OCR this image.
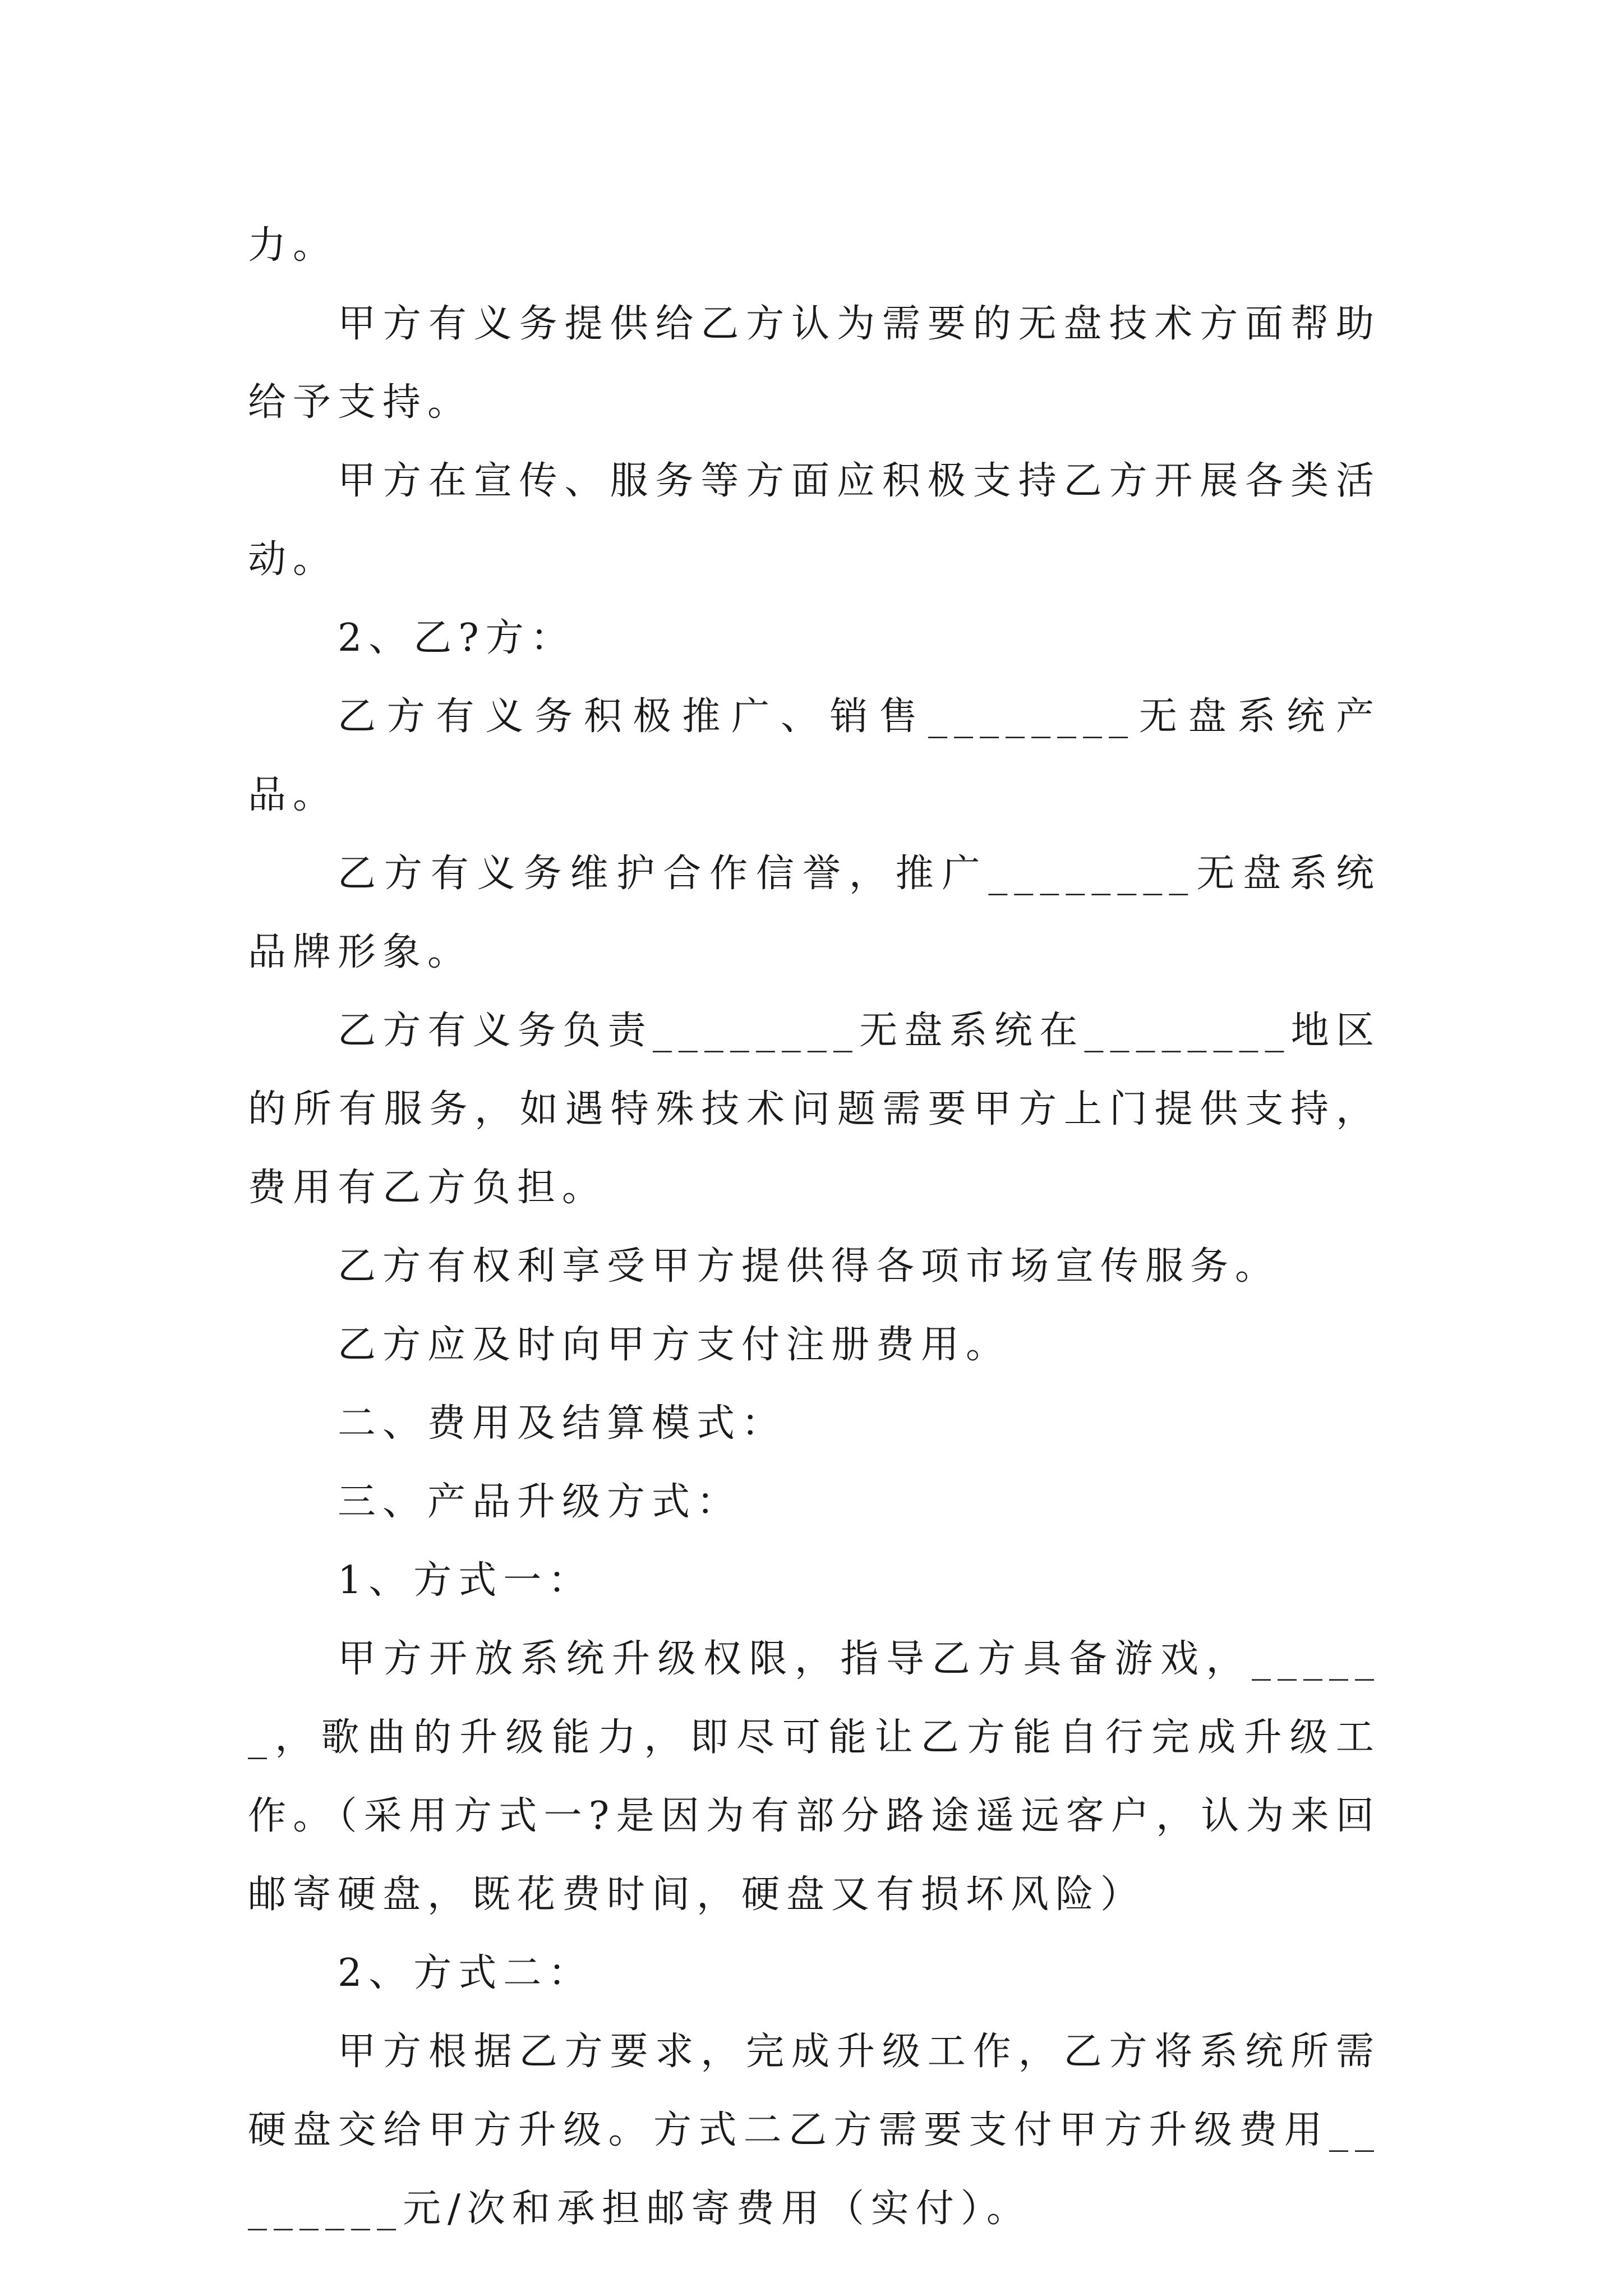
力。

甲方有义务提供给乙方认为需要的无盘技术方面帮助给予支持。

甲方在宣传、服务等方面应积极支持乙方开展各类活动。

2、乙?方：

乙方有义务积极推广、销售________无盘系统产品。

乙方有义务维护合作信誉，推广________无盘系统品牌形象。

乙方有义务负责________无盘系统在________地区的所有服务，如遇特殊技术问题需要甲方上门提供支持，费用有乙方负担。

乙方有权利享受甲方提供得各项市场宣传服务。

乙方应及时向甲方支付注册费用。

二、费用及结算模式：

三、产品升级方式：

1、方式一：

甲方开放系统升级权限，指导乙方具备游戏，______，歌曲的升级能力，即尽可能让乙方能自行完成升级工作。（采用方式一?是因为有部分路途遥远客户，认为来回邮寄硬盘，既花费时间，硬盘又有损坏风险）

2、方式二：

甲方根据乙方要求，完成升级工作，乙方将系统所需硬盘交给甲方升级。方式二乙方需要支付甲方升级费用________元/次和承担邮寄费用（实付）。
